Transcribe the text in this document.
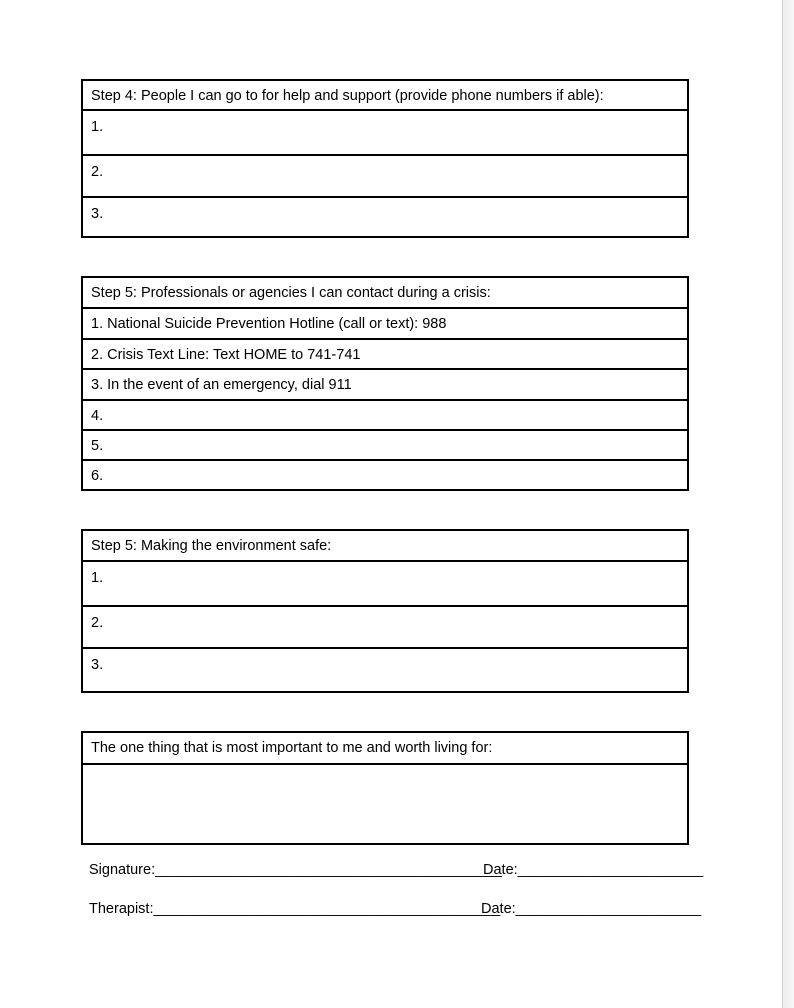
Step 4: People I can go to for help and support (provide phone numbers if able):
1.
2.
3.
Step 5: Professionals or agencies I can contact during a crisis:
1. National Suicide Prevention Hotline (call or text): 988
2. Crisis Text Line: Text HOME to 741-741
3. In the event of an emergency, dial 911
4.
5.
6.
Step 5: Making the environment safe:
1.
2.
3.
The one thing that is most important to me and worth living for:

Signature:___________________________________________
Date:_______________________
Therapist:___________________________________________
Date:_______________________
